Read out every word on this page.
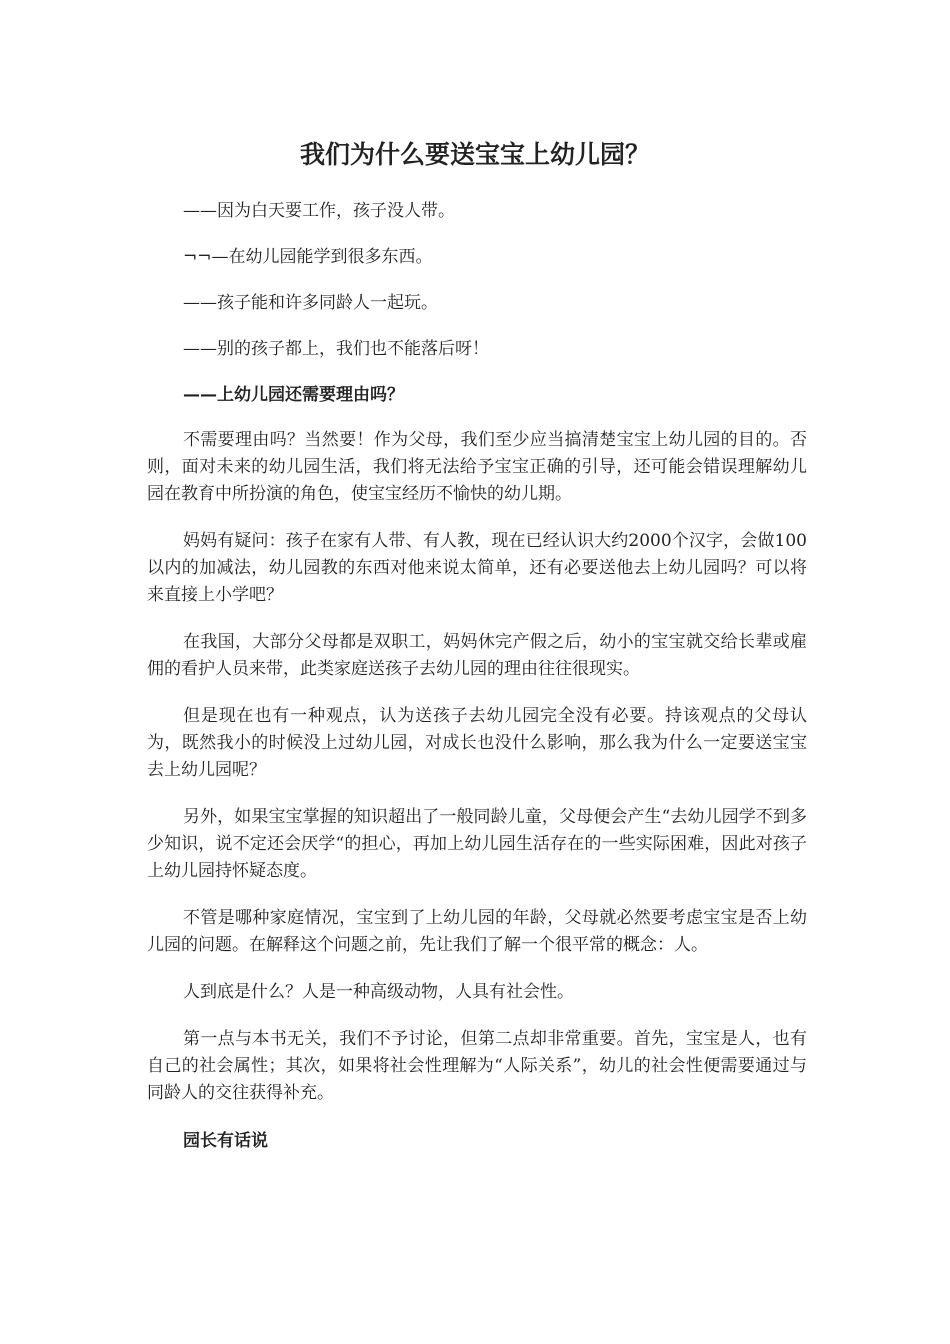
我们为什么要送宝宝上幼儿园？

——因为白天要工作，孩子没人带。

¬¬—在幼儿园能学到很多东西。

——孩子能和许多同龄人一起玩。

——别的孩子都上，我们也不能落后呀！

——上幼儿园还需要理由吗？

不需要理由吗？当然要！作为父母，我们至少应当搞清楚宝宝上幼儿园的目的。否则，面对未来的幼儿园生活，我们将无法给予宝宝正确的引导，还可能会错误理解幼儿园在教育中所扮演的角色，使宝宝经历不愉快的幼儿期。

妈妈有疑问：孩子在家有人带、有人教，现在已经认识大约2000个汉字，会做100以内的加减法，幼儿园教的东西对他来说太简单，还有必要送他去上幼儿园吗？可以将来直接上小学吧？

在我国，大部分父母都是双职工，妈妈休完产假之后，幼小的宝宝就交给长辈或雇佣的看护人员来带，此类家庭送孩子去幼儿园的理由往往很现实。

但是现在也有一种观点，认为送孩子去幼儿园完全没有必要。持该观点的父母认为，既然我小的时候没上过幼儿园，对成长也没什么影响，那么我为什么一定要送宝宝去上幼儿园呢？

另外，如果宝宝掌握的知识超出了一般同龄儿童，父母便会产生“去幼儿园学不到多少知识，说不定还会厌学“的担心，再加上幼儿园生活存在的一些实际困难，因此对孩子上幼儿园持怀疑态度。

不管是哪种家庭情况，宝宝到了上幼儿园的年龄，父母就必然要考虑宝宝是否上幼儿园的问题。在解释这个问题之前，先让我们了解一个很平常的概念：人。

人到底是什么？人是一种高级动物，人具有社会性。

第一点与本书无关，我们不予讨论，但第二点却非常重要。首先，宝宝是人，也有自己的社会属性；其次，如果将社会性理解为“人际关系”，幼儿的社会性便需要通过与同龄人的交往获得补充。

园长有话说
